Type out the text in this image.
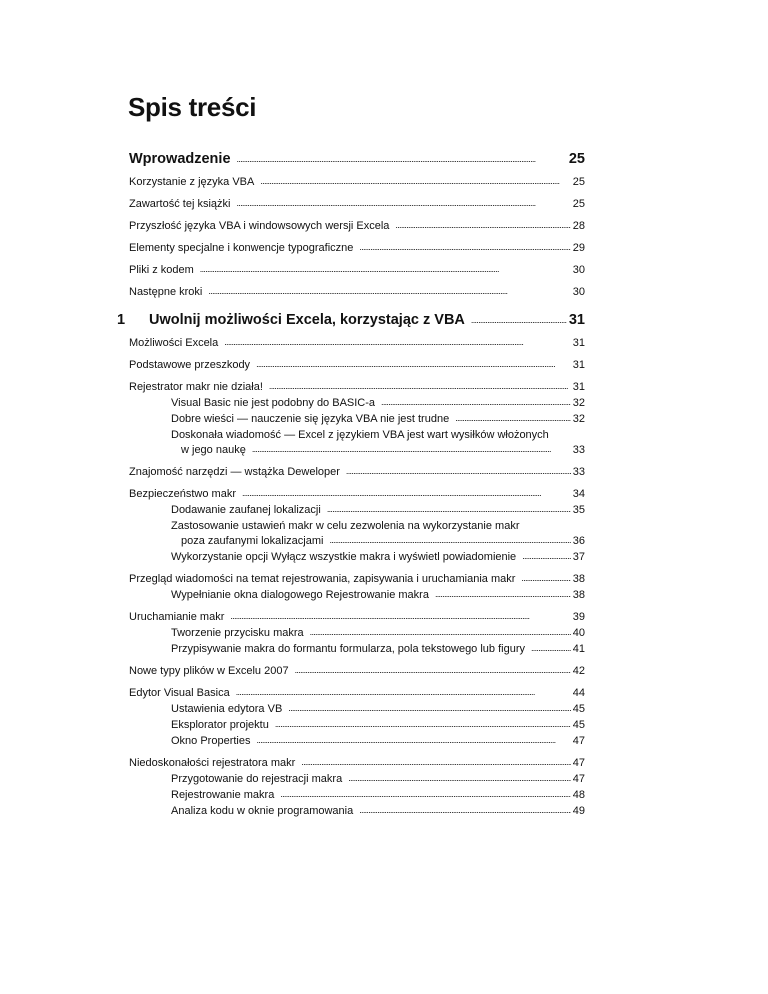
Spis treści
Wprowadzenie . . .	25
Korzystanie z języka VBA . . .	25
Zawartość tej książki . . .	25
Przyszłość języka VBA i windowsowych wersji Excela . . .	28
Elementy specjalne i konwencje typograficzne . . .	29
Pliki z kodem . . .	30
Następne kroki . . .	30
1	Uwolnij możliwości Excela, korzystając z VBA . . .	31
Możliwości Excela . . .	31
Podstawowe przeszkody . . .	31
Rejestrator makr nie działa! . . .	31
Visual Basic nie jest podobny do BASIC-a . . .	32
Dobre wieści — nauczenie się języka VBA nie jest trudne . . .	32
Doskonała wiadomość — Excel z językiem VBA jest wart wysiłków włożonych
w jego naukę . . .	33
Znajomość narzędzi — wstążka Deweloper . . .	33
Bezpieczeństwo makr . . .	34
Dodawanie zaufanej lokalizacji . . .	35
Zastosowanie ustawień makr w celu zezwolenia na wykorzystanie makr
poza zaufanymi lokalizacjami . . .	36
Wykorzystanie opcji Wyłącz wszystkie makra i wyświetl powiadomienie . . .	37
Przegląd wiadomości na temat rejestrowania, zapisywania i uruchamiania makr . . .	38
Wypełnianie okna dialogowego Rejestrowanie makra . . .	38
Uruchamianie makr . . .	39
Tworzenie przycisku makra . . .	40
Przypisywanie makra do formantu formularza, pola tekstowego lub figury . . .	41
Nowe typy plików w Excelu 2007 . . .	42
Edytor Visual Basica . . .	44
Ustawienia edytora VB . . .	45
Eksplorator projektu . . .	45
Okno Properties . . .	47
Niedoskonałości rejestratora makr . . .	47
Przygotowanie do rejestracji makra . . .	47
Rejestrowanie makra . . .	48
Analiza kodu w oknie programowania . . .	49
